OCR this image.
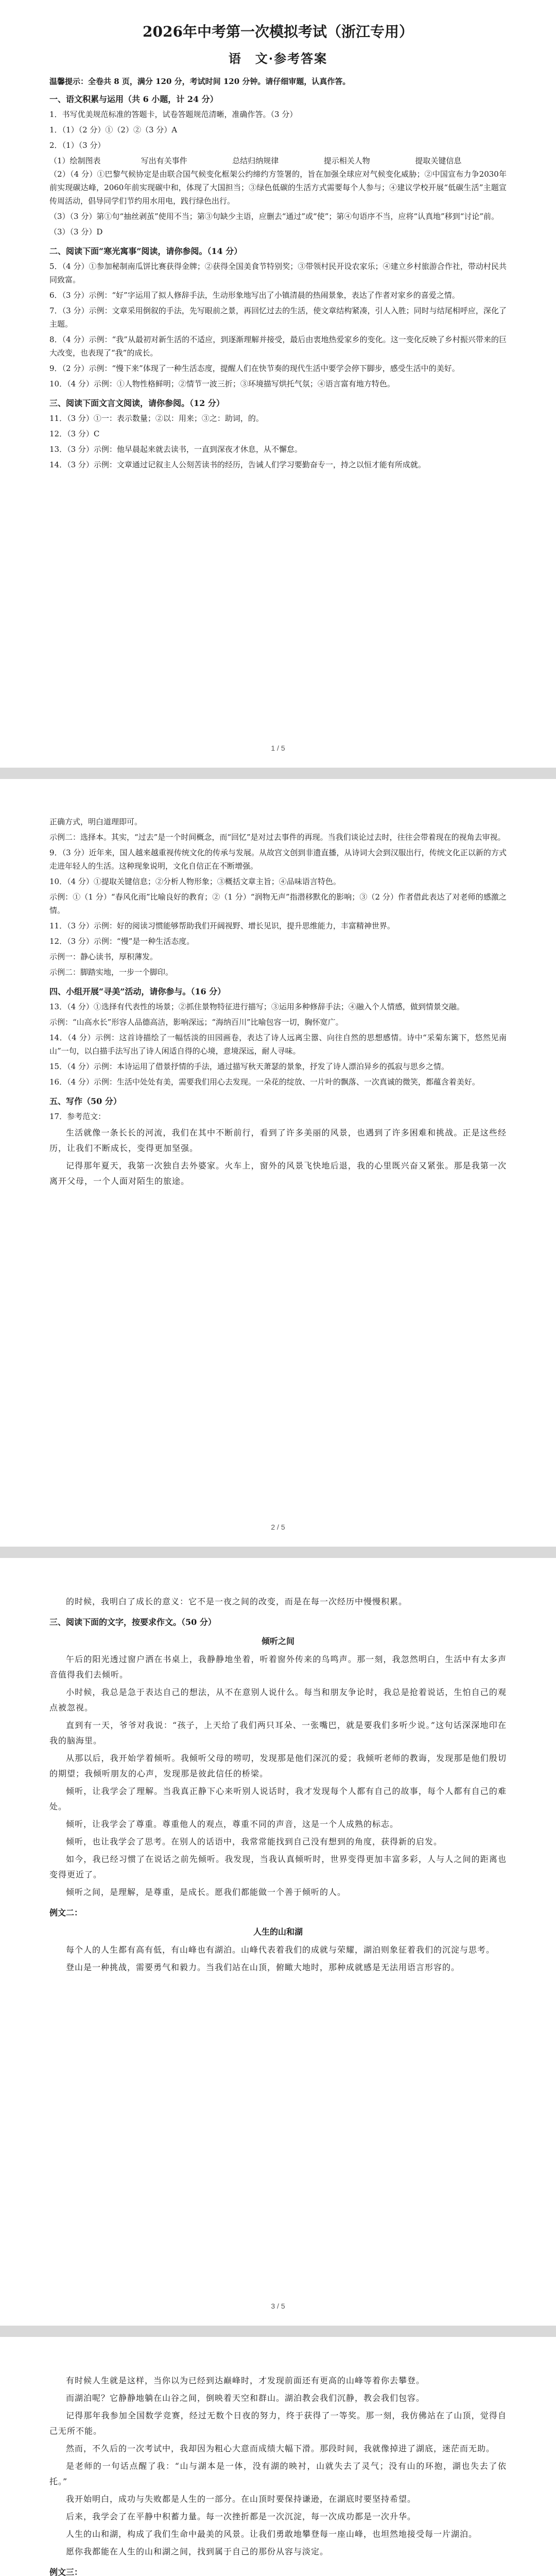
2026年中考第一次模拟考试（浙江专用）
语　文·参考答案
温馨提示：全卷共 8 页，满分 120 分，考试时间 120 分钟。请仔细审题，认真作答。
一、语文积累与运用（共 6 小题，计 24 分）
1．书写优美规范标准的答题卡，试卷答题规范清晰，准确作答。（3 分）
1．（1）（2 分）①（2）②（3 分）A
2．（1）（3 分）
（1）绘制图表	写出有关事件	总结归纳规律	提示相关人物	提取关键信息
（2）（4 分）①巴黎气候协定是由联合国气候变化框架公约缔约方签署的，旨在加强全球应对气候变化威胁；②中国宣布力争2030年前实现碳达峰，2060年前实现碳中和，体现了大国担当；③绿色低碳的生活方式需要每个人参与；④建议学校开展“低碳生活”主题宣传周活动，倡导同学们节约用水用电，践行绿色出行。
（3）（3 分）第①句“抽丝剥茧”使用不当；第③句缺少主语，应删去“通过”或“使”；第④句语序不当，应将“认真地”移到“讨论”前。
（3）（3 分）D
二、阅读下面“寒光寓事”阅读，请你参阅。（14 分）
5．（4 分）①参加秘制南瓜饼比赛获得金牌；②获得全国美食节特别奖；③带领村民开设农家乐；④建立乡村旅游合作社，带动村民共同致富。
6．（3 分）示例：“好”字运用了拟人修辞手法，生动形象地写出了小镇清晨的热闹景象，表达了作者对家乡的喜爱之情。
7．（3 分）示例：文章采用倒叙的手法，先写眼前之景，再回忆过去的生活，使文章结构紧凑，引人入胜；同时与结尾相呼应，深化了主题。
8．（4 分）示例：“我”从最初对新生活的不适应，到逐渐理解并接受，最后由衷地热爱家乡的变化。这一变化反映了乡村振兴带来的巨大改变，也表现了“我”的成长。
9．（2 分）示例：“慢下来”体现了一种生活态度，提醒人们在快节奏的现代生活中要学会停下脚步，感受生活中的美好。
10．（4 分）示例：①人物性格鲜明；②情节一波三折；③环境描写烘托气氛；④语言富有地方特色。
三、阅读下面文言文阅读，请你参阅。（12 分）
11．（3 分）①一：表示数量；②以：用来；③之：助词，的。
12．（3 分）C
13．（3 分）示例：他早晨起来就去读书，一直到深夜才休息，从不懈怠。
14．（3 分）示例：文章通过记叙主人公刻苦读书的经历，告诫人们学习要勤奋专一，持之以恒才能有所成就。
1 / 5
正确方式，明白道理即可。
示例二：选择本。其实，“过去”是一个时间概念，而“回忆”是对过去事件的再现。当我们谈论过去时，往往会带着现在的视角去审视。
9．（3 分）近年来，国人越来越重视传统文化的传承与发展。从故宫文创到非遗直播，从诗词大会到汉服出行，传统文化正以新的方式走进年轻人的生活。这种现象说明，文化自信正在不断增强。
10．（4 分）①提取关键信息；②分析人物形象；③概括文章主旨；④品味语言特色。
示例：①（1 分）“春风化雨”比喻良好的教育；②（1 分）“润物无声”指潜移默化的影响；③（2 分）作者借此表达了对老师的感激之情。
11．（3 分）示例：好的阅读习惯能够帮助我们开阔视野、增长见识，提升思维能力，丰富精神世界。
12．（3 分）示例：“慢”是一种生活态度。
示例一：静心读书，厚积薄发。
示例二：脚踏实地，一步一个脚印。
四、小组开展“寻美”活动，请你参与。（16 分）
13．（4 分）①选择有代表性的场景；②抓住景物特征进行描写；③运用多种修辞手法；④融入个人情感，做到情景交融。
示例：“山高水长”形容人品德高洁，影响深远；“海纳百川”比喻包容一切，胸怀宽广。
14．（4 分）示例：这首诗描绘了一幅恬淡的田园画卷，表达了诗人远离尘嚣、向往自然的思想感情。诗中“采菊东篱下，悠然见南山”一句，以白描手法写出了诗人闲适自得的心境，意境深远，耐人寻味。
15．（4 分）示例：本诗运用了借景抒情的手法，通过描写秋天萧瑟的景象，抒发了诗人漂泊异乡的孤寂与思乡之情。
16．（4 分）示例：生活中处处有美，需要我们用心去发现。一朵花的绽放、一片叶的飘落、一次真诚的微笑，都蕴含着美好。
五、写作（50 分）
17．参考范文：
生活就像一条长长的河流，我们在其中不断前行，看到了许多美丽的风景，也遇到了许多困难和挑战。正是这些经历，让我们不断成长，变得更加坚强。
记得那年夏天，我第一次独自去外婆家。火车上，窗外的风景飞快地后退，我的心里既兴奋又紧张。那是我第一次离开父母，一个人面对陌生的旅途。
2 / 5
的时候，我明白了成长的意义：它不是一夜之间的改变，而是在每一次经历中慢慢积累。
三、阅读下面的文字，按要求作文。（50 分）
倾听之间
午后的阳光透过窗户洒在书桌上，我静静地坐着，听着窗外传来的鸟鸣声。那一刻，我忽然明白，生活中有太多声音值得我们去倾听。
小时候，我总是急于表达自己的想法，从不在意别人说什么。每当和朋友争论时，我总是抢着说话，生怕自己的观点被忽视。
直到有一天，爷爷对我说：“孩子，上天给了我们两只耳朵、一张嘴巴，就是要我们多听少说。”这句话深深地印在我的脑海里。
从那以后，我开始学着倾听。我倾听父母的唠叨，发现那是他们深沉的爱；我倾听老师的教诲，发现那是他们殷切的期望；我倾听朋友的心声，发现那是彼此信任的桥梁。
倾听，让我学会了理解。当我真正静下心来听别人说话时，我才发现每个人都有自己的故事，每个人都有自己的难处。
倾听，让我学会了尊重。尊重他人的观点，尊重不同的声音，这是一个人成熟的标志。
倾听，也让我学会了思考。在别人的话语中，我常常能找到自己没有想到的角度，获得新的启发。
如今，我已经习惯了在说话之前先倾听。我发现，当我认真倾听时，世界变得更加丰富多彩，人与人之间的距离也变得更近了。
倾听之间，是理解，是尊重，是成长。愿我们都能做一个善于倾听的人。
例文二：
人生的山和湖
每个人的人生都有高有低，有山峰也有湖泊。山峰代表着我们的成就与荣耀，湖泊则象征着我们的沉淀与思考。
登山是一种挑战，需要勇气和毅力。当我们站在山顶，俯瞰大地时，那种成就感是无法用语言形容的。
3 / 5
有时候人生就是这样，当你以为已经到达巅峰时，才发现前面还有更高的山峰等着你去攀登。
而湖泊呢？它静静地躺在山谷之间，倒映着天空和群山。湖泊教会我们沉静，教会我们包容。
记得那年我参加全国数学竞赛，经过无数个日夜的努力，终于获得了一等奖。那一刻，我仿佛站在了山顶，觉得自己无所不能。
然而，不久后的一次考试中，我却因为粗心大意而成绩大幅下滑。那段时间，我就像掉进了湖底，迷茫而无助。
是老师的一句话点醒了我：“山与湖本是一体，没有湖的映衬，山就失去了灵气；没有山的环抱，湖也失去了依托。”
我开始明白，成功与失败都是人生的一部分。在山顶时要保持谦逊，在湖底时要坚持希望。
后来，我学会了在平静中积蓄力量。每一次挫折都是一次沉淀，每一次成功都是一次升华。
人生的山和湖，构成了我们生命中最美的风景。让我们勇敢地攀登每一座山峰，也坦然地接受每一片湖泊。
愿你我都能在人生的山和湖之间，找到属于自己的那份从容与淡定。
例文三：
